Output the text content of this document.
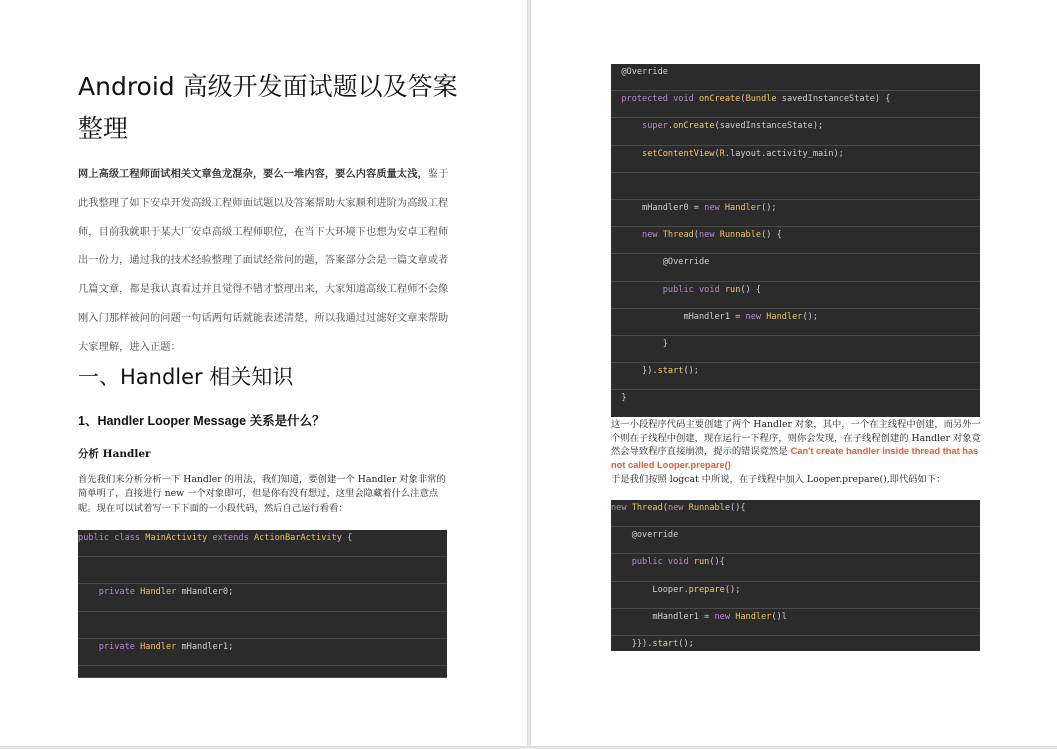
Android 高级开发面试题以及答案整理

网上高级工程师面试相关文章鱼龙混杂，要么一堆内容，要么内容质量太浅，鉴于此我整理了如下安卓开发高级工程师面试题以及答案帮助大家顺利进阶为高级工程师，目前我就职于某大厂安卓高级工程师职位，在当下大环境下也想为安卓工程师出一份力，通过我的技术经验整理了面试经常问的题，答案部分会是一篇文章或者几篇文章，都是我认真看过并且觉得不错才整理出来，大家知道高级工程师不会像刚入门那样被问的问题一句话两句话就能表述清楚，所以我通过过滤好文章来帮助大家理解，进入正题：

一、Handler 相关知识
1、Handler Looper Message 关系是什么？
分析 Handler

首先我们来分析分析一下 Handler 的用法，我们知道，要创建一个 Handler 对象非常的简单明了，直接进行 new 一个对象即可，但是你有没有想过，这里会隐藏着什么注意点呢。现在可以试着写一下下面的一小段代码，然后自己运行看看：

public class MainActivity extends ActionBarActivity {
private Handler mHandler0;
private Handler mHandler1;
@Override
protected void onCreate(Bundle savedInstanceState) {
super.onCreate(savedInstanceState);
setContentView(R.layout.activity_main);
mHandler0 = new Handler();
new Thread(new Runnable() {
@Override
public void run() {
mHandler1 = new Handler();
}
}).start();
}

这一小段程序代码主要创建了两个 Handler 对象，其中，一个在主线程中创建，而另外一个则在子线程中创建，现在运行一下程序，则你会发现，在子线程创建的 Handler 对象竟然会导致程序直接崩溃，提示的错误竟然是 Can't create handler inside thread that has not called Looper.prepare()

于是我们按照 logcat 中所说，在子线程中加入 Looper.prepare(),即代码如下：

new Thread(new Runnable(){
@override
public void run(){
Looper.prepare();
mHandler1 = new Handler()l
}}).start();
